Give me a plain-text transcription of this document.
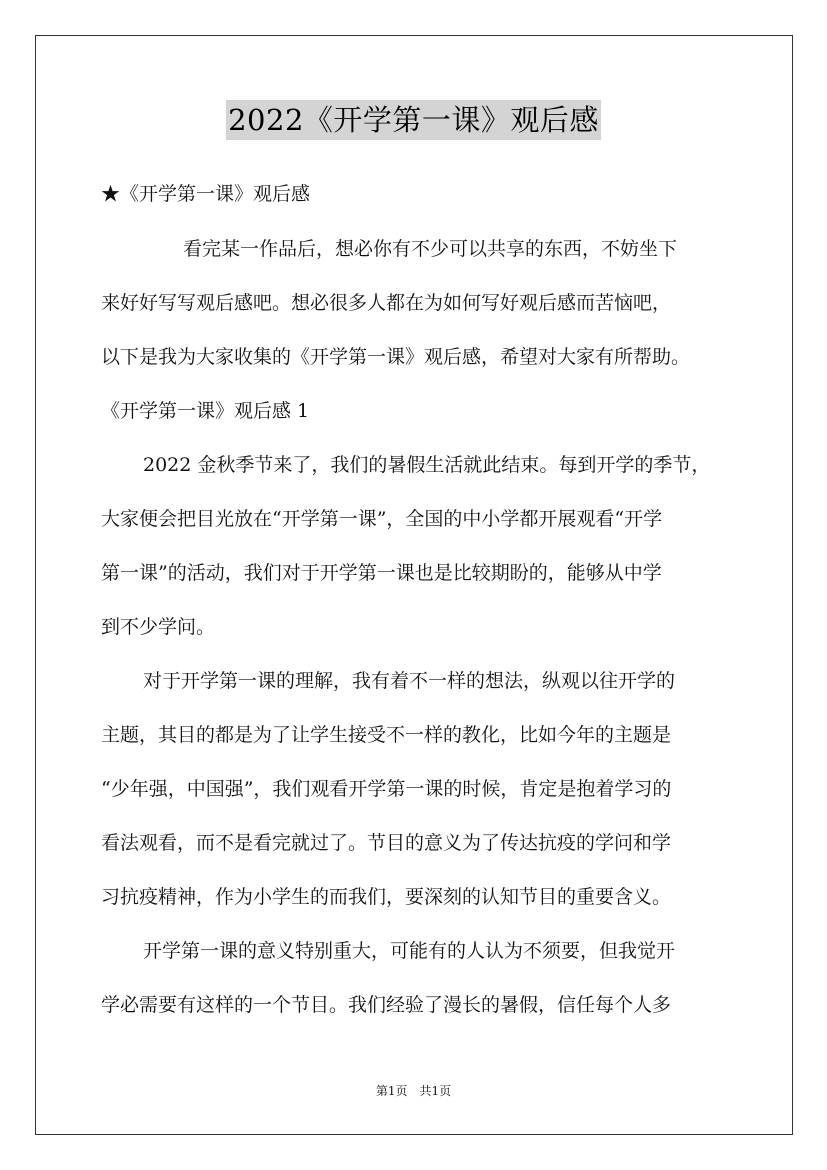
2022《开学第一课》观后感
★《开学第一课》观后感
看完某一作品后，想必你有不少可以共享的东西，不妨坐下
来好好写写观后感吧。想必很多人都在为如何写好观后感而苦恼吧，
以下是我为大家收集的《开学第一课》观后感，希望对大家有所帮助。
《开学第一课》观后感 1
2022 金秋季节来了，我们的暑假生活就此结束。每到开学的季节，
大家便会把目光放在“开学第一课”，全国的中小学都开展观看“开学
第一课”的活动，我们对于开学第一课也是比较期盼的，能够从中学
到不少学问。
对于开学第一课的理解，我有着不一样的想法，纵观以往开学的
主题，其目的都是为了让学生接受不一样的教化，比如今年的主题是
“少年强，中国强”，我们观看开学第一课的时候，肯定是抱着学习的
看法观看，而不是看完就过了。节目的意义为了传达抗疫的学问和学
习抗疫精神，作为小学生的而我们，要深刻的认知节目的重要含义。
开学第一课的意义特别重大，可能有的人认为不须要，但我觉开
学必需要有这样的一个节目。我们经验了漫长的暑假，信任每个人多
第1页　共1页
